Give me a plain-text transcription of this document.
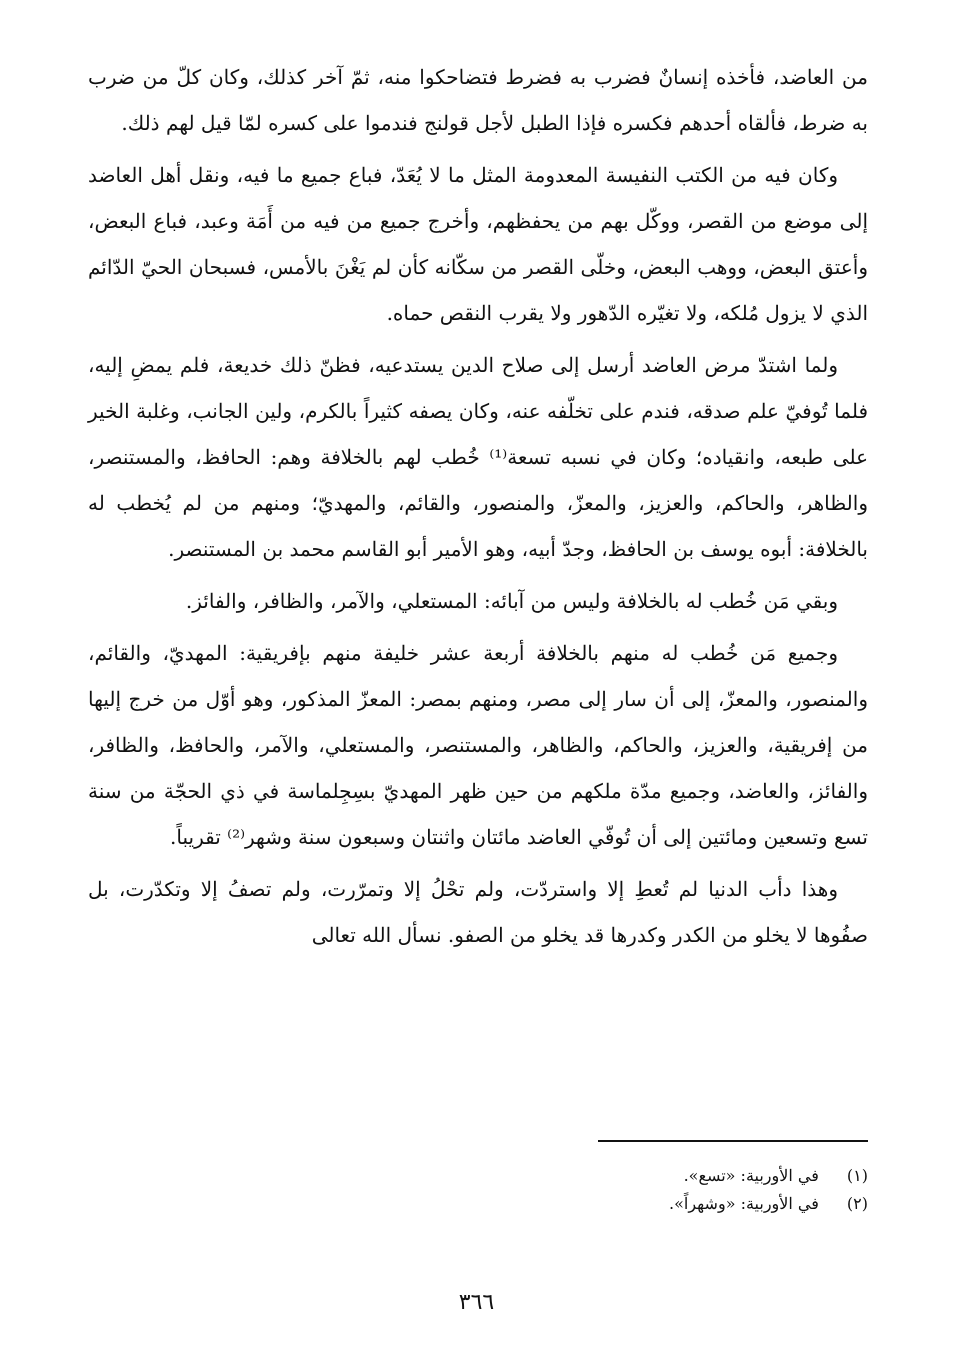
من العاضد، فأخذه إنسانٌ فضرب به فضرط فتضاحكوا منه، ثمّ آخر كذلك، وكان كلّ من ضرب به ضرط، فألقاه أحدهم فكسره فإذا الطبل لأجل قولنج فندموا على كسره لمّا قيل لهم ذلك.

وكان فيه من الكتب النفيسة المعدومة المثل ما لا يُعَدّ، فباع جميع ما فيه، ونقل أهل العاضد إلى موضع من القصر، ووكّل بهم من يحفظهم، وأخرج جميع من فيه من أَمَة وعبد، فباع البعض، وأعتق البعض، ووهب البعض، وخلّى القصر من سكّانه كأن لم يَغْنَ بالأمس، فسبحان الحيّ الدّائم الذي لا يزول مُلكه، ولا تغيّره الدّهور ولا يقرب النقص حماه.

ولما اشتدّ مرض العاضد أرسل إلى صلاح الدين يستدعيه، فظنّ ذلك خديعة، فلم يمضِ إليه، فلما تُوفيّ علم صدقه، فندم على تخلّفه عنه، وكان يصفه كثيراً بالكرم، ولين الجانب، وغلبة الخير على طبعه، وانقياده؛ وكان في نسبه تسعة⁽¹⁾ خُطب لهم بالخلافة وهم: الحافظ، والمستنصر، والظاهر، والحاكم، والعزيز، والمعزّ، والمنصور، والقائم، والمهديّ؛ ومنهم من لم يُخطب له بالخلافة: أبوه يوسف بن الحافظ، وجدّ أبيه، وهو الأمير أبو القاسم محمد بن المستنصر.

وبقي مَن خُطب له بالخلافة وليس من آبائه: المستعلي، والآمر، والظافر، والفائز.

وجميع مَن خُطب له منهم بالخلافة أربعة عشر خليفة منهم بإفريقية: المهديّ، والقائم، والمنصور، والمعزّ، إلى أن سار إلى مصر، ومنهم بمصر: المعزّ المذكور، وهو أوّل من خرج إليها من إفريقية، والعزيز، والحاكم، والظاهر، والمستنصر، والمستعلي، والآمر، والحافظ، والظافر، والفائز، والعاضد، وجميع مدّة ملكهم من حين ظهر المهديّ بسِجِلماسة في ذي الحجّة من سنة تسع وتسعين ومائتين إلى أن تُوفّي العاضد مائتان واثنتان وسبعون سنة وشهر⁽²⁾ تقريباً.

وهذا دأب الدنيا لم تُعطِ إلا واستردّت، ولم تحْلُ إلا وتمرّرت، ولم تصفُ إلا وتكدّرت، بل صفُوها لا يخلو من الكدر وكدرها قد يخلو من الصفو. نسأل الله تعالى

(١) في الأوربية: «تسع».
(٢) في الأوربية: «وشهراً».
٣٦٦
